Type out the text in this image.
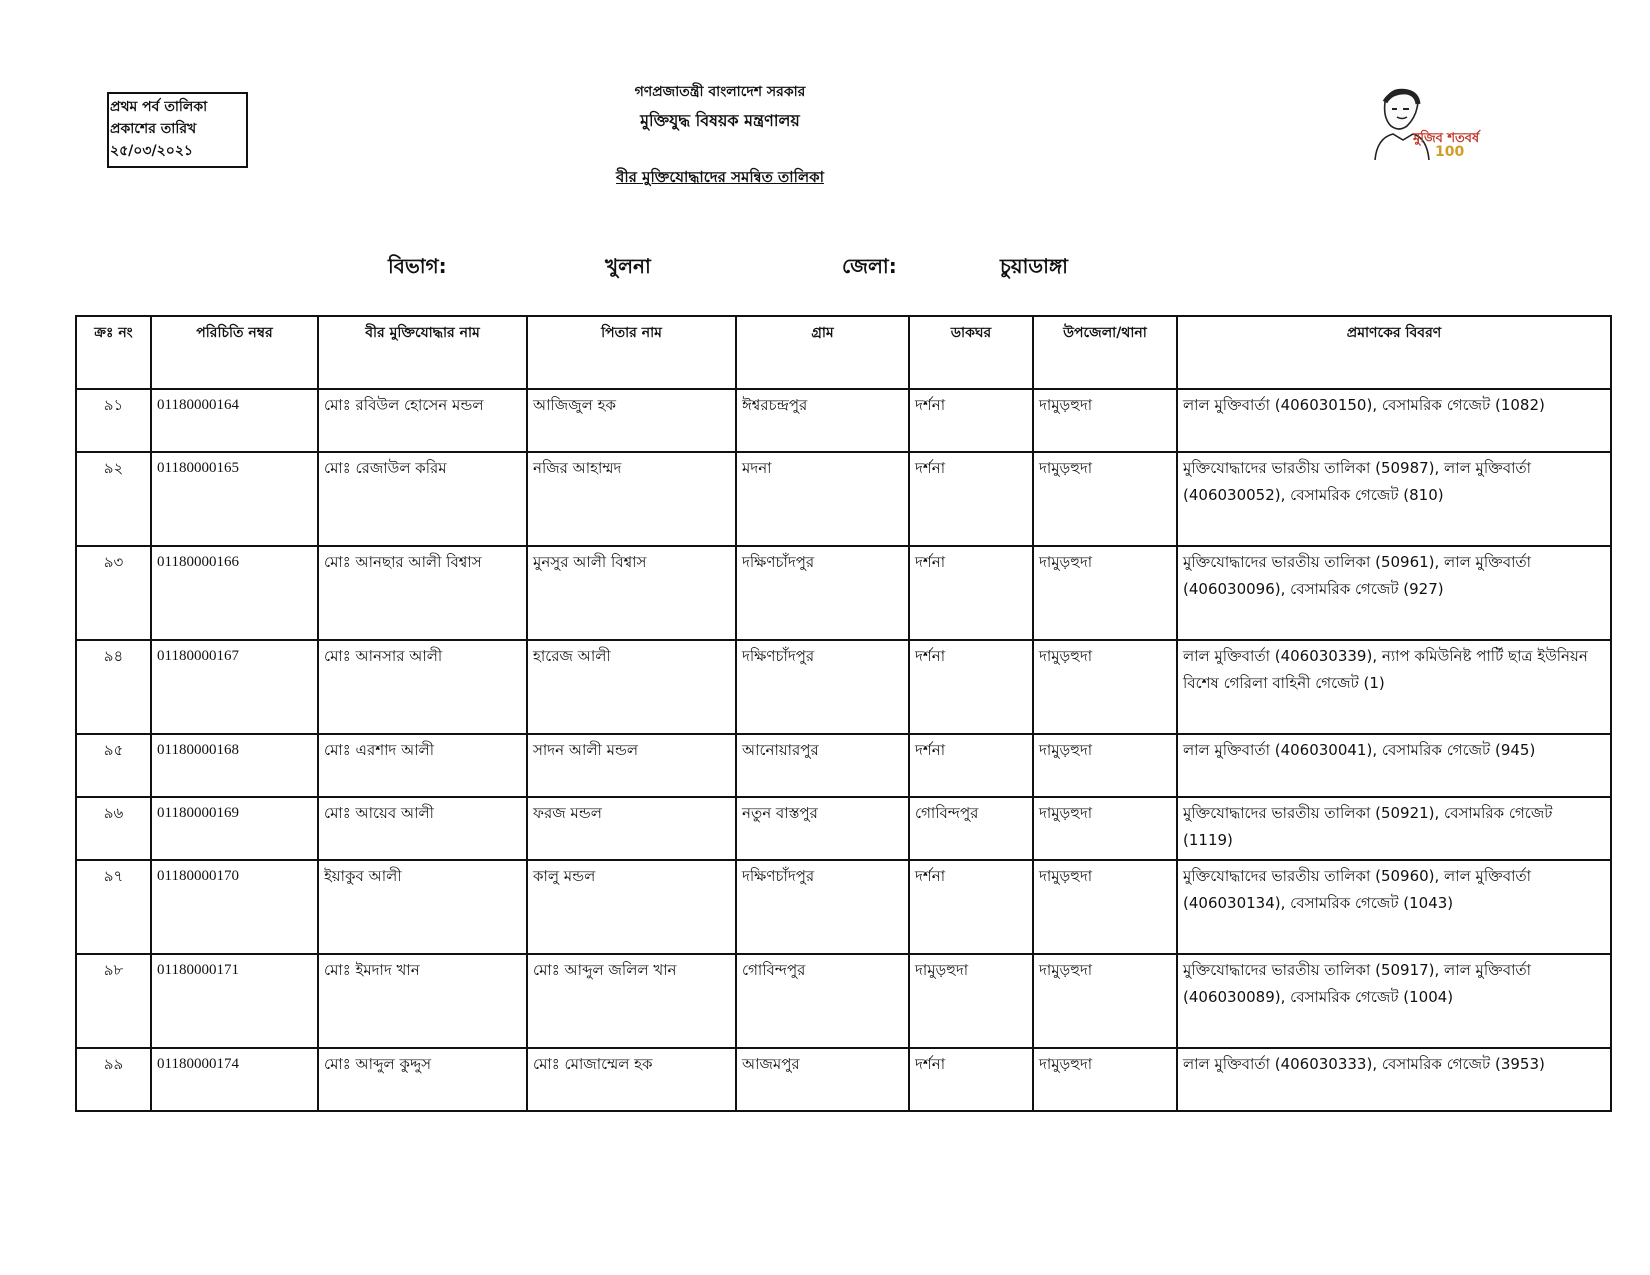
প্রথম পর্ব তালিকা
প্রকাশের তারিখ
২৫/০৩/২০২১
গণপ্রজাতন্ত্রী বাংলাদেশ সরকার
মুক্তিযুদ্ধ বিষয়ক মন্ত্রণালয়
বীর মুক্তিযোদ্ধাদের সমন্বিত তালিকা
মুজিব শতবর্ষ
100
বিভাগ:	খুলনা	জেলা:	চুয়াডাঙ্গা
ক্রঃ নং	পরিচিতি নম্বর	বীর মুক্তিযোদ্ধার নাম	পিতার নাম	গ্রাম	ডাকঘর	উপজেলা/থানা	প্রমাণকের বিবরণ
৯১	01180000164	মোঃ রবিউল হোসেন মন্ডল	আজিজুল হক	ঈশ্বরচন্দ্রপুর	দর্শনা	দামুড়হুদা	লাল মুক্তিবার্তা (406030150), বেসামরিক গেজেট (1082)
৯২	01180000165	মোঃ রেজাউল করিম	নজির আহাম্মদ	মদনা	দর্শনা	দামুড়হুদা	মুক্তিযোদ্ধাদের ভারতীয় তালিকা (50987), লাল মুক্তিবার্তা (406030052), বেসামরিক গেজেট (810)
৯৩	01180000166	মোঃ আনছার আলী বিশ্বাস	মুনসুর আলী বিশ্বাস	দক্ষিণচাঁদপুর	দর্শনা	দামুড়হুদা	মুক্তিযোদ্ধাদের ভারতীয় তালিকা (50961), লাল মুক্তিবার্তা (406030096), বেসামরিক গেজেট (927)
৯৪	01180000167	মোঃ আনসার আলী	হারেজ আলী	দক্ষিণচাঁদপুর	দর্শনা	দামুড়হুদা	লাল মুক্তিবার্তা (406030339), ন্যাপ কমিউনিষ্ট পার্টি ছাত্র ইউনিয়ন বিশেষ গেরিলা বাহিনী গেজেট (1)
৯৫	01180000168	মোঃ এরশাদ আলী	সাদন আলী মন্ডল	আনোয়ারপুর	দর্শনা	দামুড়হুদা	লাল মুক্তিবার্তা (406030041), বেসামরিক গেজেট (945)
৯৬	01180000169	মোঃ আয়েব আলী	ফরজ মন্ডল	নতুন বাস্তপুর	গোবিন্দপুর	দামুড়হুদা	মুক্তিযোদ্ধাদের ভারতীয় তালিকা (50921), বেসামরিক গেজেট (1119)
৯৭	01180000170	ইয়াকুব আলী	কালু মন্ডল	দক্ষিণচাঁদপুর	দর্শনা	দামুড়হুদা	মুক্তিযোদ্ধাদের ভারতীয় তালিকা (50960), লাল মুক্তিবার্তা (406030134), বেসামরিক গেজেট (1043)
৯৮	01180000171	মোঃ ইমদাদ খান	মোঃ আব্দুল জলিল খান	গোবিন্দপুর	দামুড়হুদা	দামুড়হুদা	মুক্তিযোদ্ধাদের ভারতীয় তালিকা (50917), লাল মুক্তিবার্তা (406030089), বেসামরিক গেজেট (1004)
৯৯	01180000174	মোঃ আব্দুল কুদ্দুস	মোঃ মোজাম্মেল হক	আজমপুর	দর্শনা	দামুড়হুদা	লাল মুক্তিবার্তা (406030333), বেসামরিক গেজেট (3953)
